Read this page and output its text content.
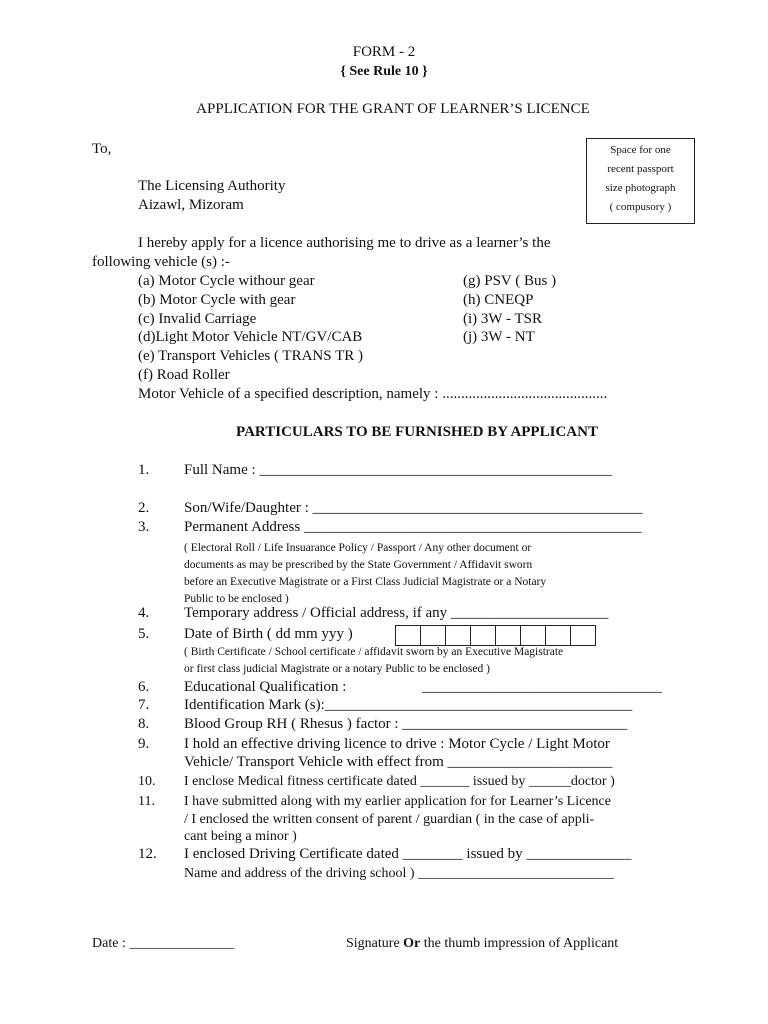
FORM - 2
{ See Rule 10 }
APPLICATION FOR THE GRANT OF LEARNER’S LICENCE
Space for one
recent passport
size photograph
( compusory )
To,
The Licensing Authority
Aizawl, Mizoram
I hereby apply for a licence authorising me to drive as a learner’s the
following vehicle (s) :-
(a) Motor Cycle withour gear
(b) Motor Cycle with gear
(c) Invalid Carriage
(d)Light Motor Vehicle NT/GV/CAB
(e) Transport Vehicles ( TRANS TR )
(f) Road Roller
(g) PSV ( Bus )
(h) CNEQP
(i) 3W - TSR
(j) 3W - NT
Motor Vehicle of a specified description, namely : ............................................
PARTICULARS TO BE FURNISHED BY APPLICANT
1. Full Name : _______________________________________________
2. Son/Wife/Daughter : ____________________________________________
3. Permanent Address _____________________________________________
( Electoral Roll / Life Insuarance Policy / Passport / Any other document or
documents as may be prescribed by the State Government / Affidavit sworn
before an Executive Magistrate or a First Class Judicial Magistrate or a Notary
Public to be enclosed )
4. Temporary address / Official address, if any _____________________
5. Date of Birth ( dd mm yyy )
( Birth Certificate / School certificate / affidavit sworn by an Executive Magistrate
or first class judicial Magistrate or a notary Public to be enclosed )
6. Educational Qualification :	________________________________
7. Identification Mark (s):_________________________________________
8. Blood Group RH ( Rhesus ) factor : ______________________________
9. I hold an effective driving licence to drive : Motor Cycle / Light Motor
Vehicle/ Transport Vehicle with effect from ______________________
10. I enclose Medical fitness certificate dated _______ issued by ______doctor )
11. I have submitted along with my earlier application for for Learner’s Licence
/ I enclosed the written consent of parent / guardian ( in the case of appli-
cant being a minor )
12. I enclosed Driving Certificate dated ________ issued by ______________
Name and address of the driving school ) ____________________________
Date : _______________	Signature Or the thumb impression of Applicant
